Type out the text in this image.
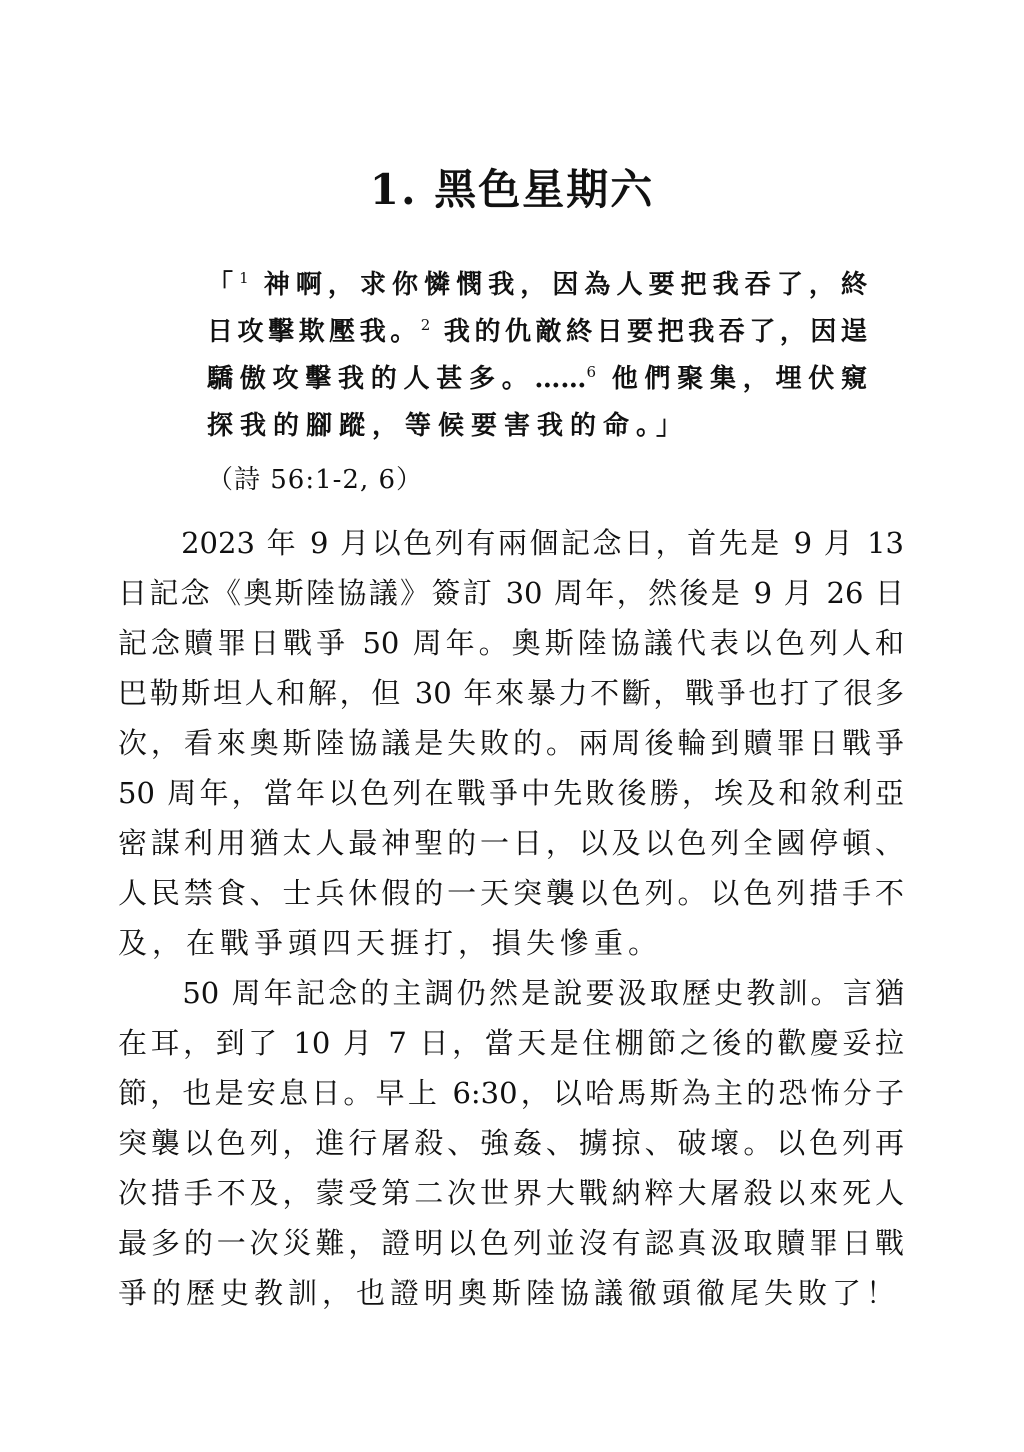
1. 黑色星期六
「$^1$ 神啊，求你憐憫我，因為人要把我吞了，終
日攻擊欺壓我。$^2$ 我的仇敵終日要把我吞了，因逞
驕傲攻擊我的人甚多。……$^6$ 他們聚集，埋伏窺
探我的腳蹤，等候要害我的命。」
（詩 56:1-2, 6）
　　2023 年 9 月以色列有兩個記念日，首先是 9 月 13
日記念《奧斯陸協議》簽訂 30 周年，然後是 9 月 26 日
記念贖罪日戰爭 50 周年。奧斯陸協議代表以色列人和
巴勒斯坦人和解，但 30 年來暴力不斷，戰爭也打了很多
次，看來奧斯陸協議是失敗的。兩周後輪到贖罪日戰爭
50 周年，當年以色列在戰爭中先敗後勝，埃及和敘利亞
密謀利用猶太人最神聖的一日，以及以色列全國停頓、
人民禁食、士兵休假的一天突襲以色列。以色列措手不
及，在戰爭頭四天捱打，損失慘重。
　　50 周年記念的主調仍然是說要汲取歷史教訓。言猶
在耳，到了 10 月 7 日，當天是住棚節之後的歡慶妥拉
節，也是安息日。早上 6:30，以哈馬斯為主的恐怖分子
突襲以色列，進行屠殺、強姦、擄掠、破壞。以色列再
次措手不及，蒙受第二次世界大戰納粹大屠殺以來死人
最多的一次災難，證明以色列並沒有認真汲取贖罪日戰
爭的歷史教訓，也證明奧斯陸協議徹頭徹尾失敗了！
